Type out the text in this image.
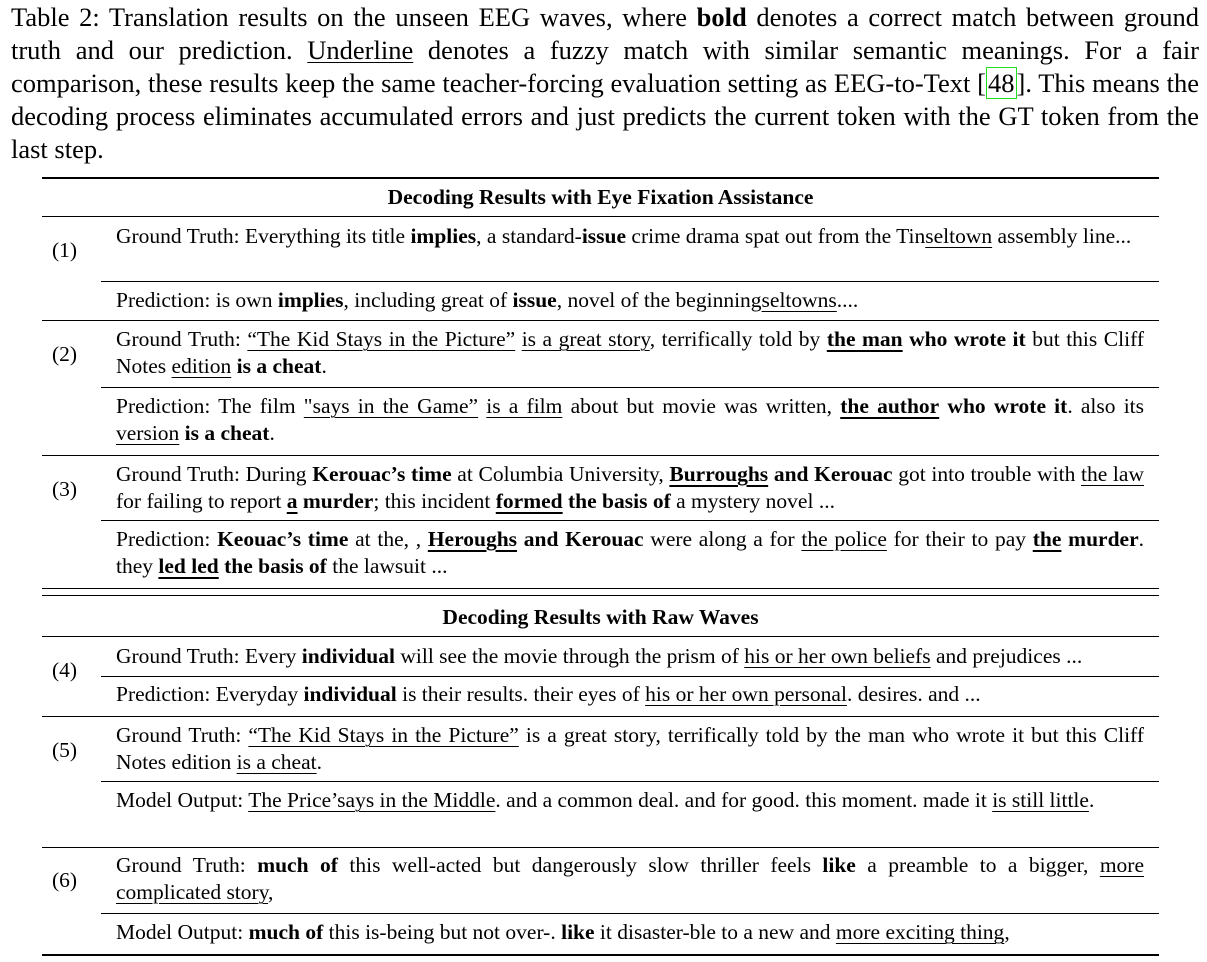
Table 2: Translation results on the unseen EEG waves, where bold denotes a correct match between ground truth and our prediction. Underline denotes a fuzzy match with similar semantic meanings. For a fair comparison, these results keep the same teacher-forcing evaluation setting as EEG-to-Text [48]. This means the decoding process eliminates accumulated errors and just predicts the current token with the GT token from the last step.
Decoding Results with Eye Fixation Assistance
Decoding Results with Raw Waves
(1)
(2)
(3)
(4)
(5)
(6)
Ground Truth: Everything its title implies, a standard-issue crime drama spat out from the Tinseltown assembly line...
Prediction: is own implies, including great of issue, novel of the beginningseltowns....
Ground Truth: “The Kid Stays in the Picture” is a great story, terrifically told by the man who wrote it but this Cliff Notes edition is a cheat.
Prediction: The film "says in the Game” is a film about but movie was written, the author who wrote it. also its version is a cheat.
Ground Truth: During Kerouac’s time at Columbia University, Burroughs and Kerouac got into trouble with the law for failing to report a murder; this incident formed the basis of a mystery novel ...
Prediction: Keouac’s time at the, , Heroughs and Kerouac were along a for the police for their to pay the murder. they led led the basis of the lawsuit ...
Ground Truth: Every individual will see the movie through the prism of his or her own beliefs and prejudices ...
Prediction: Everyday individual is their results. their eyes of his or her own personal. desires. and ...
Ground Truth: “The Kid Stays in the Picture” is a great story, terrifically told by the man who wrote it but this Cliff Notes edition is a cheat.
Model Output: The Price’says in the Middle. and a common deal. and for good. this moment. made it is still little.
Ground Truth: much of this well-acted but dangerously slow thriller feels like a preamble to a bigger, more complicated story,
Model Output: much of this is-being but not over-. like it disaster-ble to a new and more exciting thing,
